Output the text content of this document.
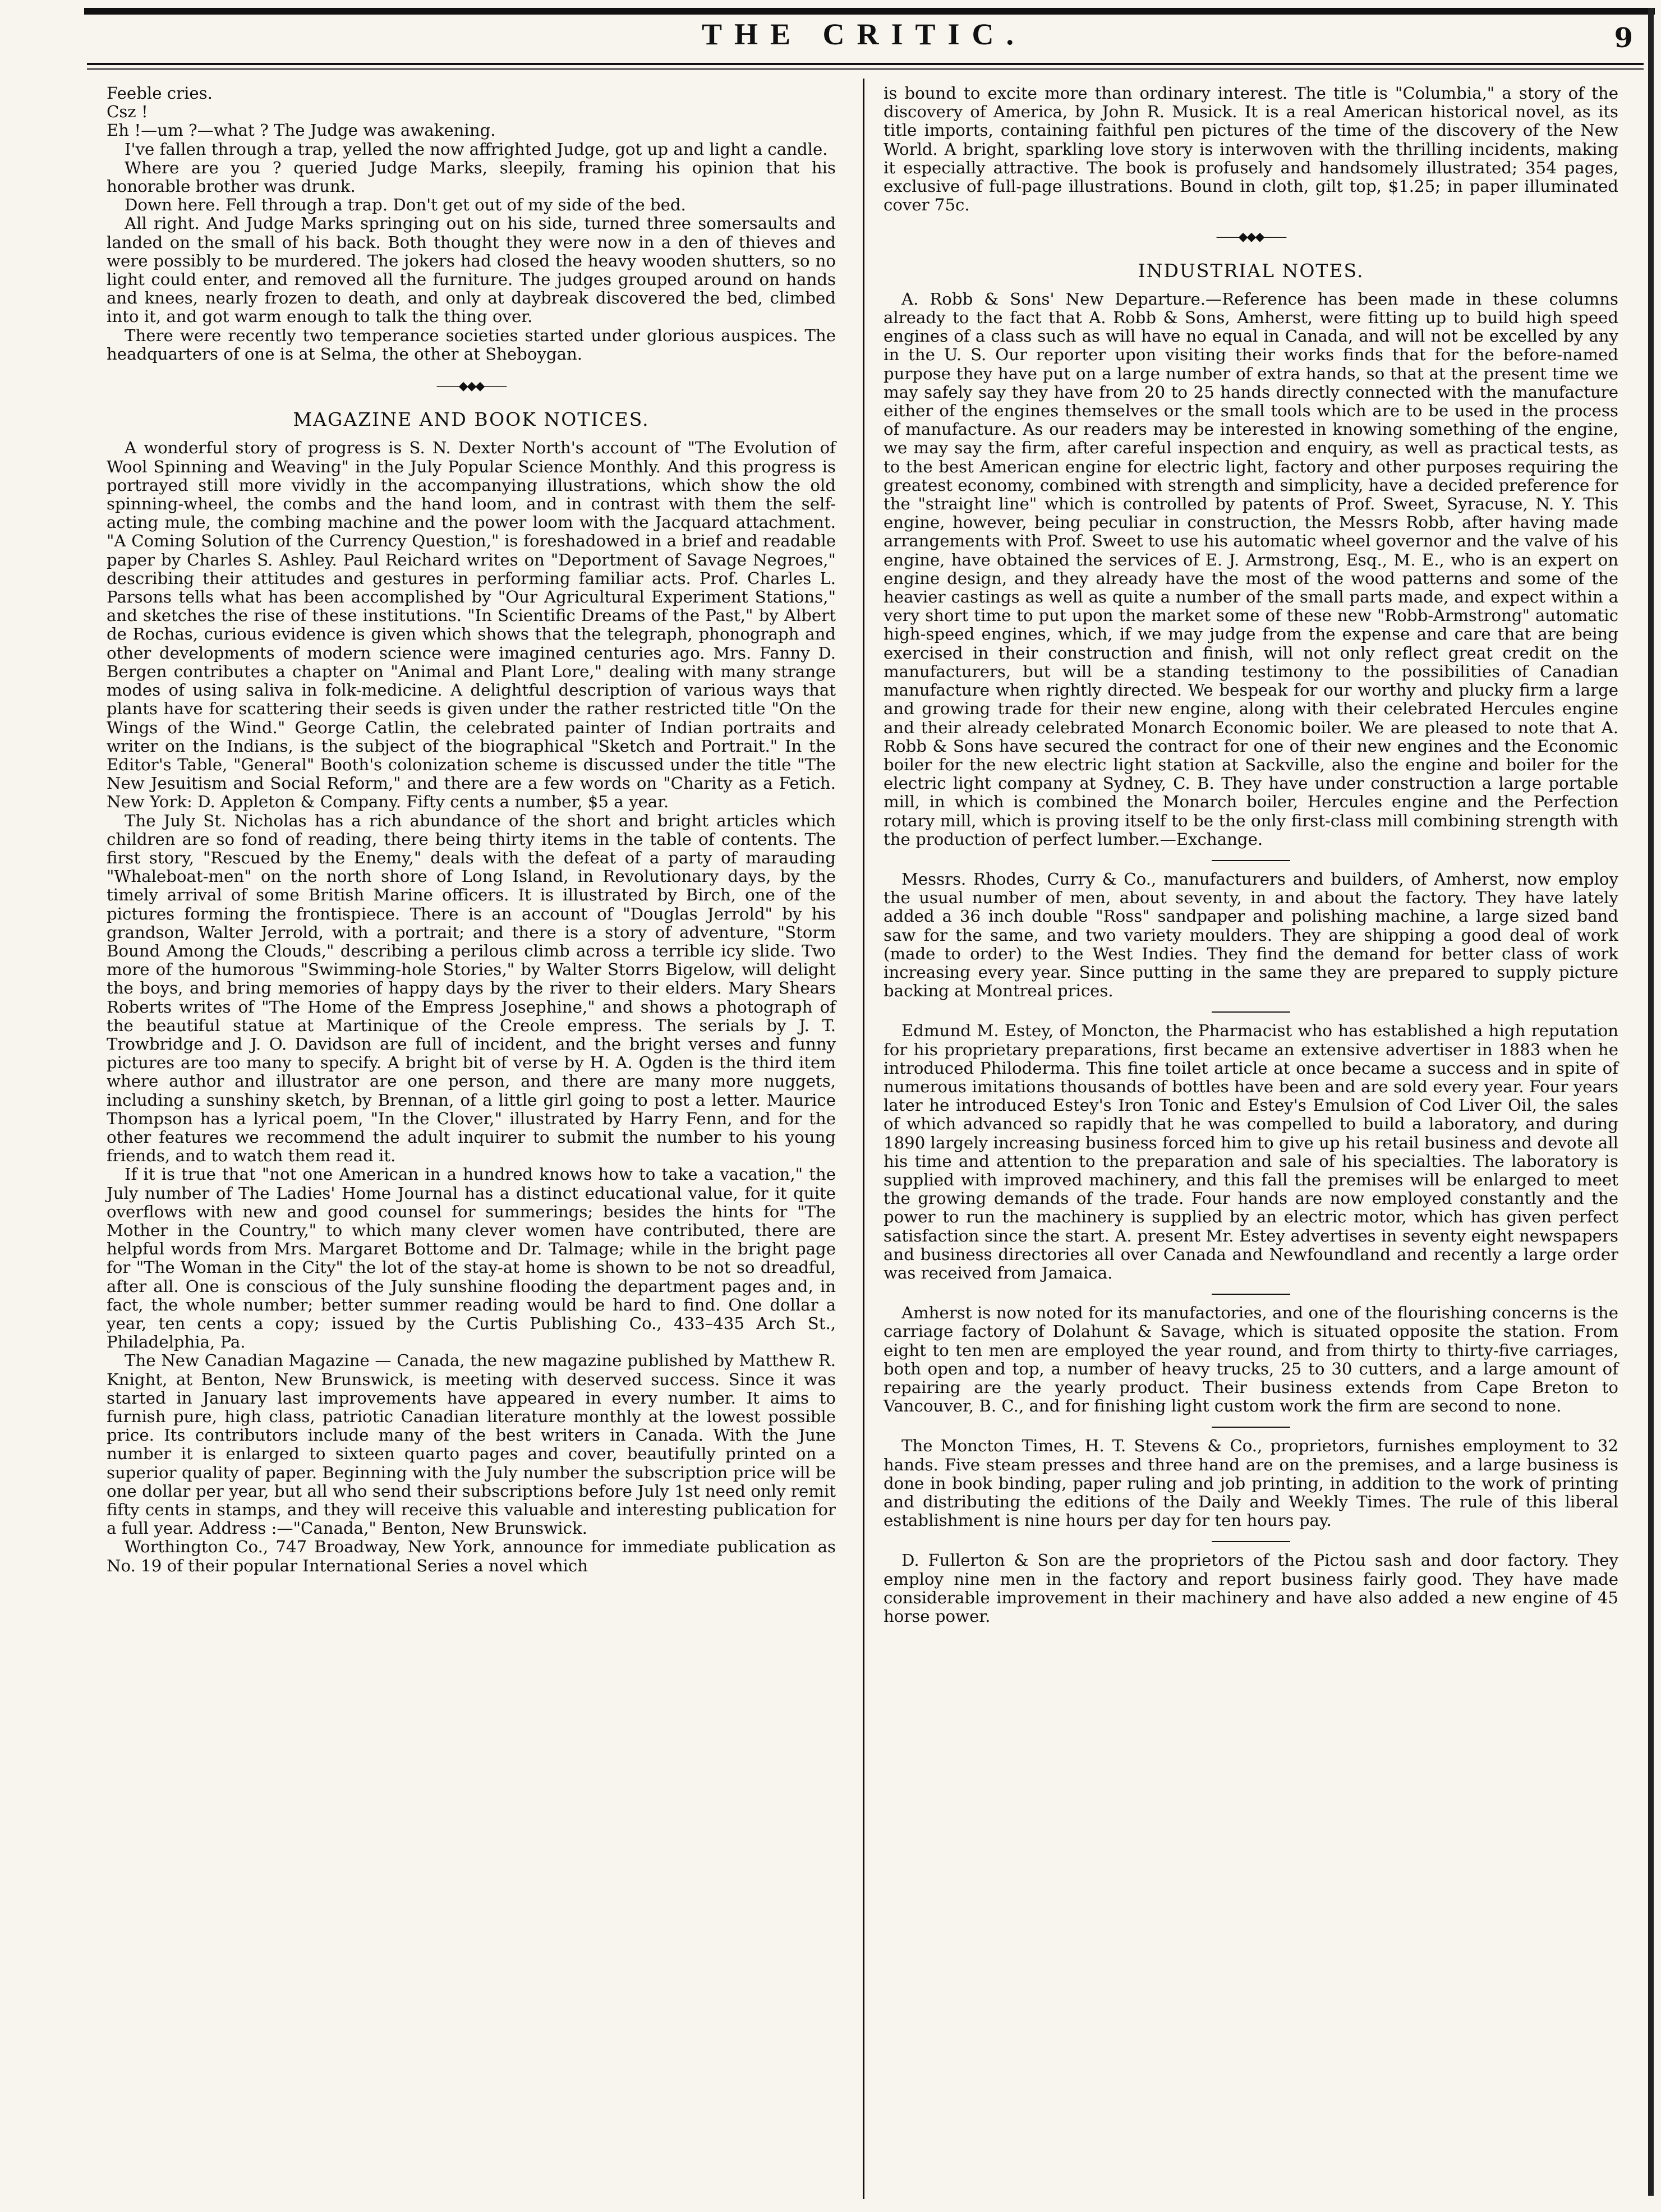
THE CRITIC.	9

Feeble cries.

Csz !

Eh !—um ?—what ? The Judge was awakening.

I've fallen through a trap, yelled the now affrighted Judge, got up and light a candle.

Where are you ? queried Judge Marks, sleepily, framing his opinion that his honorable brother was drunk.

Down here. Fell through a trap. Don't get out of my side of the bed.

All right. And Judge Marks springing out on his side, turned three somersaults and landed on the small of his back. Both thought they were now in a den of thieves and were possibly to be murdered. The jokers had closed the heavy wooden shutters, so no light could enter, and removed all the furniture. The judges grouped around on hands and knees, nearly frozen to death, and only at daybreak discovered the bed, climbed into it, and got warm enough to talk the thing over.

There were recently two temperance societies started under glorious auspices. The headquarters of one is at Selma, the other at Sheboygan.

——◆◆◆——
MAGAZINE AND BOOK NOTICES.

A wonderful story of progress is S. N. Dexter North's account of "The Evolution of Wool Spinning and Weaving" in the July Popular Science Monthly. And this progress is portrayed still more vividly in the accompanying illustrations, which show the old spinning-wheel, the combs and the hand loom, and in contrast with them the self-acting mule, the combing machine and the power loom with the Jacquard attachment. "A Coming Solution of the Currency Question," is foreshadowed in a brief and readable paper by Charles S. Ashley. Paul Reichard writes on "Deportment of Savage Negroes," describing their attitudes and gestures in performing familiar acts. Prof. Charles L. Parsons tells what has been accomplished by "Our Agricultural Experiment Stations," and sketches the rise of these institutions. "In Scientific Dreams of the Past," by Albert de Rochas, curious evidence is given which shows that the telegraph, phonograph and other developments of modern science were imagined centuries ago. Mrs. Fanny D. Bergen contributes a chapter on "Animal and Plant Lore," dealing with many strange modes of using saliva in folk-medicine. A delightful description of various ways that plants have for scattering their seeds is given under the rather restricted title "On the Wings of the Wind." George Catlin, the celebrated painter of Indian portraits and writer on the Indians, is the subject of the biographical "Sketch and Portrait." In the Editor's Table, "General" Booth's colonization scheme is discussed under the title "The New Jesuitism and Social Reform," and there are a few words on "Charity as a Fetich. New York: D. Appleton & Company. Fifty cents a number, $5 a year.

The July St. Nicholas has a rich abundance of the short and bright articles which children are so fond of reading, there being thirty items in the table of contents. The first story, "Rescued by the Enemy," deals with the defeat of a party of marauding "Whaleboat-men" on the north shore of Long Island, in Revolutionary days, by the timely arrival of some British Marine officers. It is illustrated by Birch, one of the pictures forming the frontispiece. There is an account of "Douglas Jerrold" by his grandson, Walter Jerrold, with a portrait; and there is a story of adventure, "Storm Bound Among the Clouds," describing a perilous climb across a terrible icy slide. Two more of the humorous "Swimming-hole Stories," by Walter Storrs Bigelow, will delight the boys, and bring memories of happy days by the river to their elders. Mary Shears Roberts writes of "The Home of the Empress Josephine," and shows a photograph of the beautiful statue at Martinique of the Creole empress. The serials by J. T. Trowbridge and J. O. Davidson are full of incident, and the bright verses and funny pictures are too many to specify. A bright bit of verse by H. A. Ogden is the third item where author and illustrator are one person, and there are many more nuggets, including a sunshiny sketch, by Brennan, of a little girl going to post a letter. Maurice Thompson has a lyrical poem, "In the Clover," illustrated by Harry Fenn, and for the other features we recommend the adult inquirer to submit the number to his young friends, and to watch them read it.

If it is true that "not one American in a hundred knows how to take a vacation," the July number of The Ladies' Home Journal has a distinct educational value, for it quite overflows with new and good counsel for summerings; besides the hints for "The Mother in the Country," to which many clever women have contributed, there are helpful words from Mrs. Margaret Bottome and Dr. Talmage; while in the bright page for "The Woman in the City" the lot of the stay-at home is shown to be not so dreadful, after all. One is conscious of the July sunshine flooding the department pages and, in fact, the whole number; better summer reading would be hard to find. One dollar a year, ten cents a copy; issued by the Curtis Publishing Co., 433–435 Arch St., Philadelphia, Pa.

The New Canadian Magazine — Canada, the new magazine published by Matthew R. Knight, at Benton, New Brunswick, is meeting with deserved success. Since it was started in January last improvements have appeared in every number. It aims to furnish pure, high class, patriotic Canadian literature monthly at the lowest possible price. Its contributors include many of the best writers in Canada. With the June number it is enlarged to sixteen quarto pages and cover, beautifully printed on a superior quality of paper. Beginning with the July number the subscription price will be one dollar per year, but all who send their subscriptions before July 1st need only remit fifty cents in stamps, and they will receive this valuable and interesting publication for a full year. Address :—"Canada," Benton, New Brunswick.

Worthington Co., 747 Broadway, New York, announce for immediate publication as No. 19 of their popular International Series a novel which

is bound to excite more than ordinary interest. The title is "Columbia," a story of the discovery of America, by John R. Musick. It is a real American historical novel, as its title imports, containing faithful pen pictures of the time of the discovery of the New World. A bright, sparkling love story is interwoven with the thrilling incidents, making it especially attractive. The book is profusely and handsomely illustrated; 354 pages, exclusive of full-page illustrations. Bound in cloth, gilt top, $1.25; in paper illuminated cover 75c.

——◆◆◆——
INDUSTRIAL NOTES.

A. Robb & Sons' New Departure.—Reference has been made in these columns already to the fact that A. Robb & Sons, Amherst, were fitting up to build high speed engines of a class such as will have no equal in Canada, and will not be excelled by any in the U. S. Our reporter upon visiting their works finds that for the before-named purpose they have put on a large number of extra hands, so that at the present time we may safely say they have from 20 to 25 hands directly connected with the manufacture either of the engines themselves or the small tools which are to be used in the process of manufacture. As our readers may be interested in knowing something of the engine, we may say the firm, after careful inspection and enquiry, as well as practical tests, as to the best American engine for electric light, factory and other purposes requiring the greatest economy, combined with strength and simplicity, have a decided preference for the "straight line" which is controlled by patents of Prof. Sweet, Syracuse, N. Y. This engine, however, being peculiar in construction, the Messrs Robb, after having made arrangements with Prof. Sweet to use his automatic wheel governor and the valve of his engine, have obtained the services of E. J. Armstrong, Esq., M. E., who is an expert on engine design, and they already have the most of the wood patterns and some of the heavier castings as well as quite a number of the small parts made, and expect within a very short time to put upon the market some of these new "Robb-Armstrong" automatic high-speed engines, which, if we may judge from the expense and care that are being exercised in their construction and finish, will not only reflect great credit on the manufacturers, but will be a standing testimony to the possibilities of Canadian manufacture when rightly directed. We bespeak for our worthy and plucky firm a large and growing trade for their new engine, along with their celebrated Hercules engine and their already celebrated Monarch Economic boiler. We are pleased to note that A. Robb & Sons have secured the contract for one of their new engines and the Economic boiler for the new electric light station at Sackville, also the engine and boiler for the electric light company at Sydney, C. B. They have under construction a large portable mill, in which is combined the Monarch boiler, Hercules engine and the Perfection rotary mill, which is proving itself to be the only first-class mill combining strength with the production of perfect lumber.—Exchange.

Messrs. Rhodes, Curry & Co., manufacturers and builders, of Amherst, now employ the usual number of men, about seventy, in and about the factory. They have lately added a 36 inch double "Ross" sandpaper and polishing machine, a large sized band saw for the same, and two variety moulders. They are shipping a good deal of work (made to order) to the West Indies. They find the demand for better class of work increasing every year. Since putting in the same they are prepared to supply picture backing at Montreal prices.

Edmund M. Estey, of Moncton, the Pharmacist who has established a high reputation for his proprietary preparations, first became an extensive advertiser in 1883 when he introduced Philoderma. This fine toilet article at once became a success and in spite of numerous imitations thousands of bottles have been and are sold every year. Four years later he introduced Estey's Iron Tonic and Estey's Emulsion of Cod Liver Oil, the sales of which advanced so rapidly that he was compelled to build a laboratory, and during 1890 largely increasing business forced him to give up his retail business and devote all his time and attention to the preparation and sale of his specialties. The laboratory is supplied with improved machinery, and this fall the premises will be enlarged to meet the growing demands of the trade. Four hands are now employed constantly and the power to run the machinery is supplied by an electric motor, which has given perfect satisfaction since the start. A. present Mr. Estey advertises in seventy eight newspapers and business directories all over Canada and Newfoundland and recently a large order was received from Jamaica.

Amherst is now noted for its manufactories, and one of the flourishing concerns is the carriage factory of Dolahunt & Savage, which is situated opposite the station. From eight to ten men are employed the year round, and from thirty to thirty-five carriages, both open and top, a number of heavy trucks, 25 to 30 cutters, and a large amount of repairing are the yearly product. Their business extends from Cape Breton to Vancouver, B. C., and for finishing light custom work the firm are second to none.

The Moncton Times, H. T. Stevens & Co., proprietors, furnishes employment to 32 hands. Five steam presses and three hand are on the premises, and a large business is done in book binding, paper ruling and job printing, in addition to the work of printing and distributing the editions of the Daily and Weekly Times. The rule of this liberal establishment is nine hours per day for ten hours pay.

D. Fullerton & Son are the proprietors of the Pictou sash and door factory. They employ nine men in the factory and report business fairly good. They have made considerable improvement in their machinery and have also added a new engine of 45 horse power.
